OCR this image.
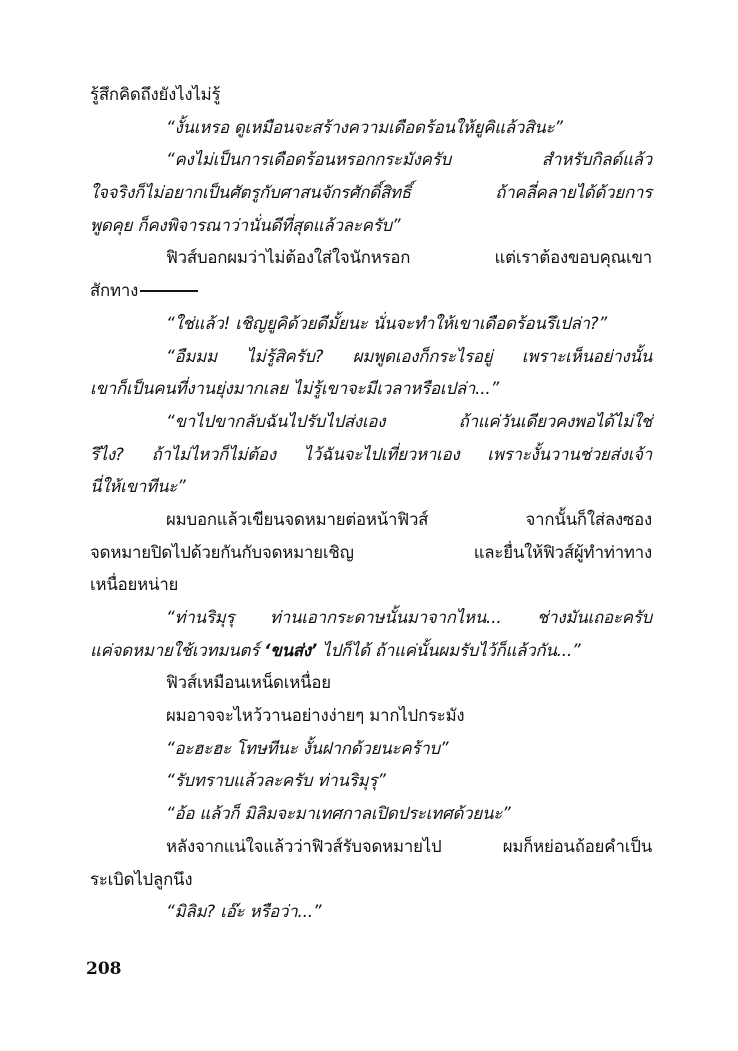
รู้สึกคิดถึงยังไงไม่รู้
“งั้นเหรอ ดูเหมือนจะสร้างความเดือดร้อนให้ยูคิแล้วสินะ”
“คงไม่เป็นการเดือดร้อนหรอกกระมังครับ สำหรับกิลด์แล้ว
ใจจริงก็ไม่อยากเป็นศัตรูกับศาสนจักรศักดิ์สิทธิ์ ถ้าคลี่คลายได้ด้วยการ
พูดคุย ก็คงพิจารณาว่านั่นดีที่สุดแล้วละครับ”
ฟิวส์บอกผมว่าไม่ต้องใส่ใจนักหรอก แต่เราต้องขอบคุณเขา
สักทาง
“ใช่แล้ว! เชิญยูคิด้วยดีมั้ยนะ นั่นจะทำให้เขาเดือดร้อนรึเปล่า?”
“อืมมม ไม่รู้สิครับ? ผมพูดเองก็กระไรอยู่ เพราะเห็นอย่างนั้น
เขาก็เป็นคนที่งานยุ่งมากเลย ไม่รู้เขาจะมีเวลาหรือเปล่า...”
“ขาไปขากลับฉันไปรับไปส่งเอง ถ้าแค่วันเดียวคงพอได้ไม่ใช่
รึไง? ถ้าไม่ไหวก็ไม่ต้อง ไว้ฉันจะไปเที่ยวหาเอง เพราะงั้นวานช่วยส่งเจ้า
นี่ให้เขาทีนะ”
ผมบอกแล้วเขียนจดหมายต่อหน้าฟิวส์ จากนั้นก็ใส่ลงซอง
จดหมายปิดไปด้วยกันกับจดหมายเชิญ และยื่นให้ฟิวส์ผู้ทำท่าทาง
เหนื่อยหน่าย
“ท่านริมุรุ ท่านเอากระดาษนั้นมาจากไหน... ช่างมันเถอะครับ
แค่จดหมายใช้เวทมนตร์ ‘ขนส่ง’ ไปก็ได้ ถ้าแค่นั้นผมรับไว้ก็แล้วกัน...”
ฟิวส์เหมือนเหน็ดเหนื่อย
ผมอาจจะไหว้วานอย่างง่ายๆ มากไปกระมัง
“อะฮะฮะ โทษทีนะ งั้นฝากด้วยนะคร้าบ”
“รับทราบแล้วละครับ ท่านริมุรุ”
“อ้อ แล้วก็ มิลิมจะมาเทศกาลเปิดประเทศด้วยนะ”
หลังจากแน่ใจแล้วว่าฟิวส์รับจดหมายไป ผมก็หย่อนถ้อยคำเป็น
ระเบิดไปลูกนึง
“มิลิม? เอ๊ะ หรือว่า...”
208
